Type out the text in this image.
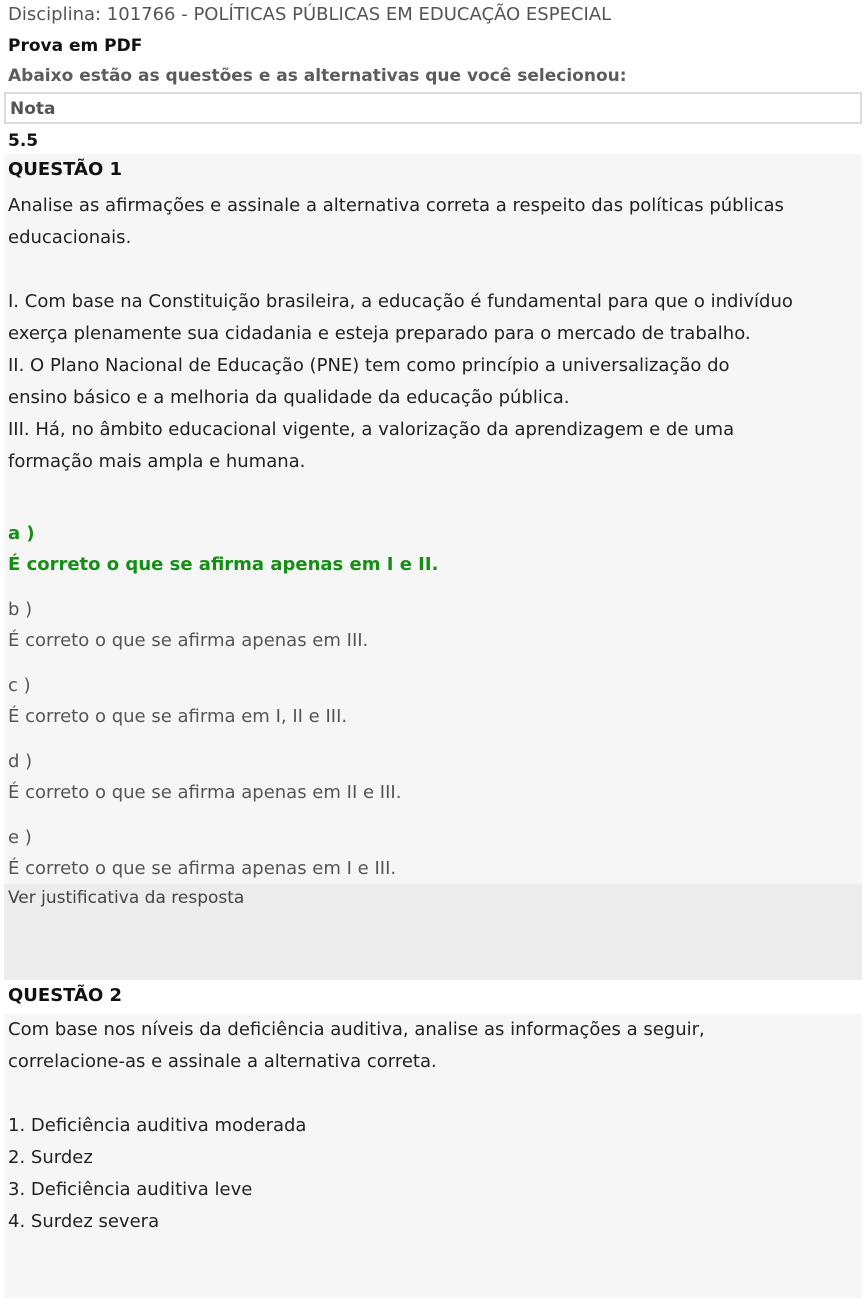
Disciplina: 101766 - POLÍTICAS PÚBLICAS EM EDUCAÇÃO ESPECIAL
Prova em PDF
Abaixo estão as questões e as alternativas que você selecionou:
Nota
5.5
QUESTÃO 1
Analise as afirmações e assinale a alternativa correta a respeito das políticas públicas
educacionais.
I. Com base na Constituição brasileira, a educação é fundamental para que o indivíduo
exerça plenamente sua cidadania e esteja preparado para o mercado de trabalho.
II. O Plano Nacional de Educação (PNE) tem como princípio a universalização do
ensino básico e a melhoria da qualidade da educação pública.
III. Há, no âmbito educacional vigente, a valorização da aprendizagem e de uma
formação mais ampla e humana.
a )
É correto o que se afirma apenas em I e II.
b )
É correto o que se afirma apenas em III.
c )
É correto o que se afirma em I, II e III.
d )
É correto o que se afirma apenas em II e III.
e )
É correto o que se afirma apenas em I e III.
Ver justificativa da resposta
QUESTÃO 2
Com base nos níveis da deficiência auditiva, analise as informações a seguir,
correlacione-as e assinale a alternativa correta.
1. Deficiência auditiva moderada
2. Surdez
3. Deficiência auditiva leve
4. Surdez severa
